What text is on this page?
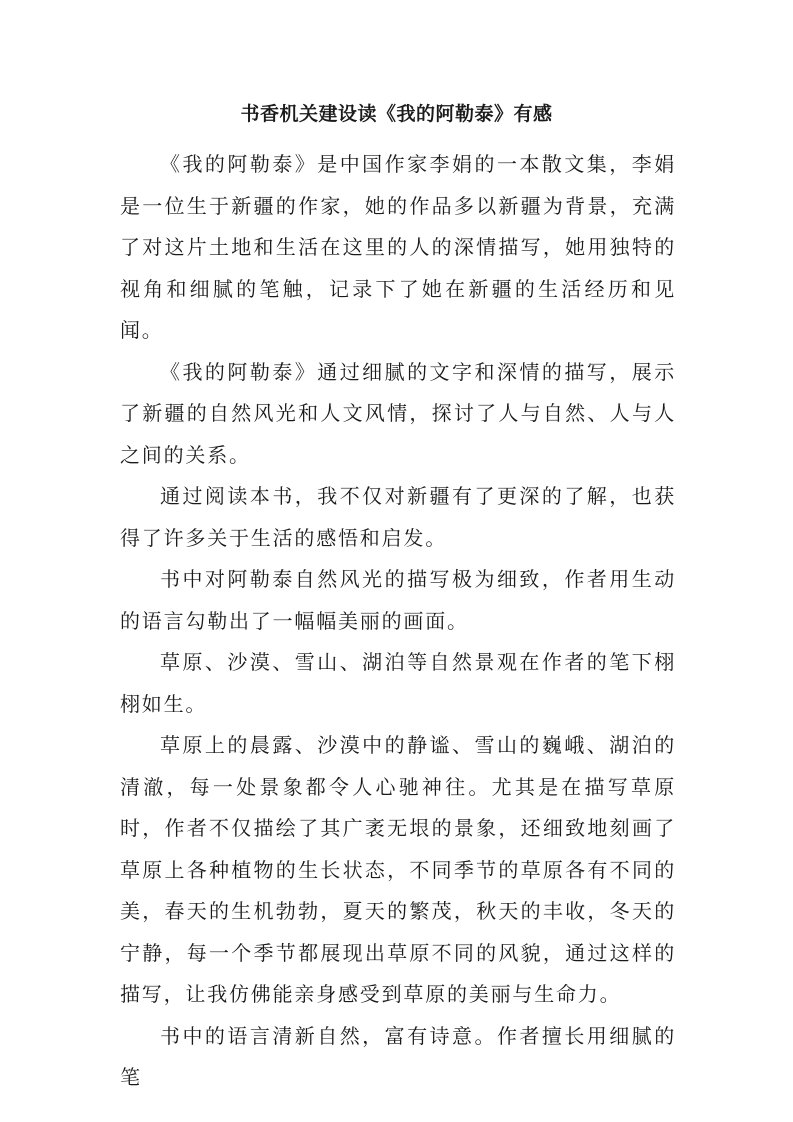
书香机关建设读《我的阿勒泰》有感

《我的阿勒泰》是中国作家李娟的一本散文集，李娟是一位生于新疆的作家，她的作品多以新疆为背景，充满了对这片土地和生活在这里的人的深情描写，她用独特的视角和细腻的笔触，记录下了她在新疆的生活经历和见闻。

《我的阿勒泰》通过细腻的文字和深情的描写，展示了新疆的自然风光和人文风情，探讨了人与自然、人与人之间的关系。

通过阅读本书，我不仅对新疆有了更深的了解，也获得了许多关于生活的感悟和启发。

书中对阿勒泰自然风光的描写极为细致，作者用生动的语言勾勒出了一幅幅美丽的画面。

草原、沙漠、雪山、湖泊等自然景观在作者的笔下栩栩如生。

草原上的晨露、沙漠中的静谧、雪山的巍峨、湖泊的清澈，每一处景象都令人心驰神往。尤其是在描写草原时，作者不仅描绘了其广袤无垠的景象，还细致地刻画了草原上各种植物的生长状态，不同季节的草原各有不同的美，春天的生机勃勃，夏天的繁茂，秋天的丰收，冬天的宁静，每一个季节都展现出草原不同的风貌，通过这样的描写，让我仿佛能亲身感受到草原的美丽与生命力。

书中的语言清新自然，富有诗意。作者擅长用细腻的笔
